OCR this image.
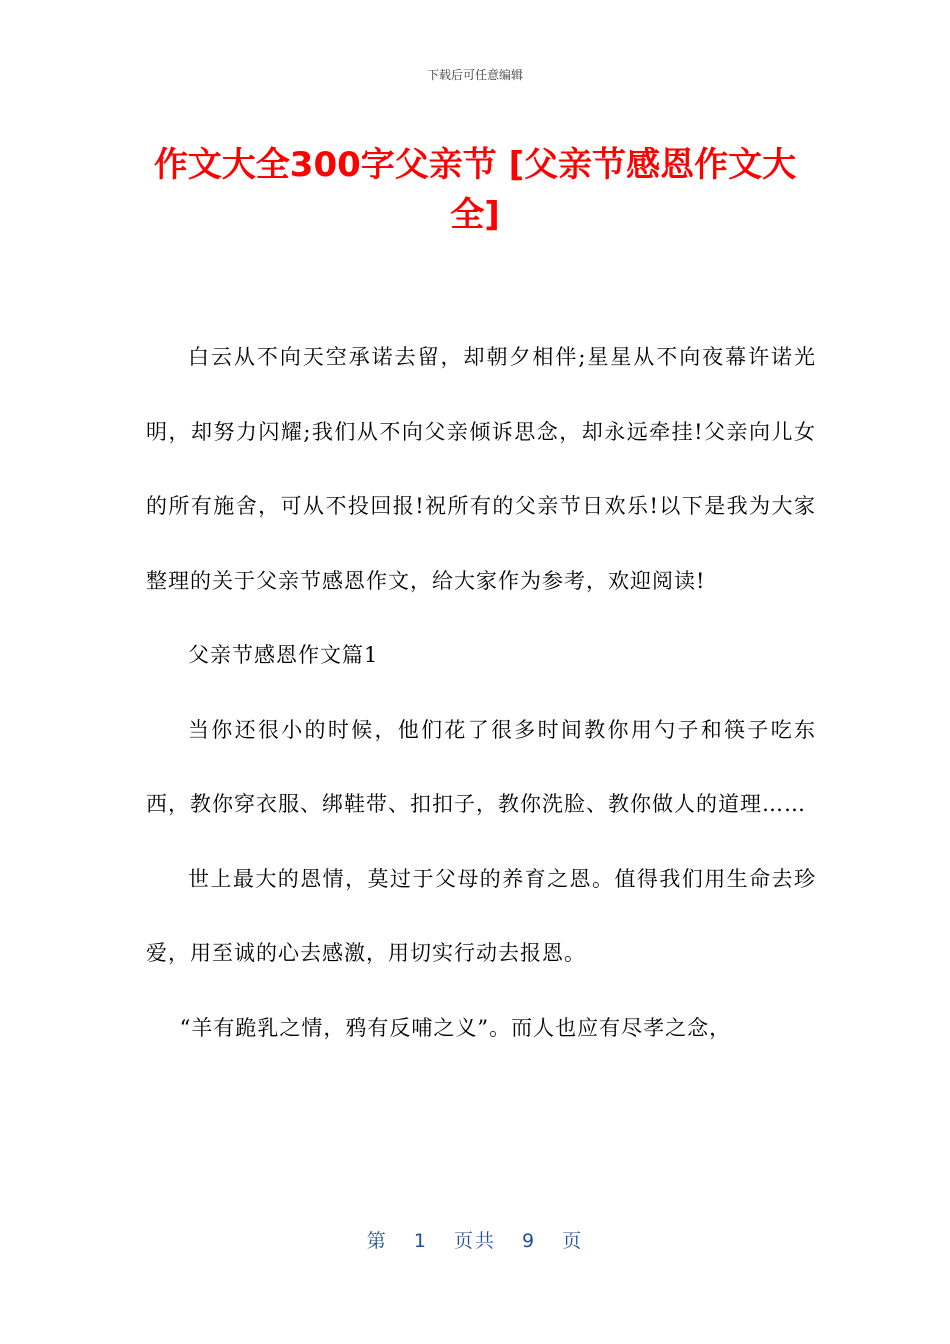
下载后可任意编辑
作文大全300字父亲节 [父亲节感恩作文大全]

白云从不向天空承诺去留，却朝夕相伴;星星从不向夜幕许诺光明，却努力闪耀;我们从不向父亲倾诉思念，却永远牵挂!父亲向儿女的所有施舍，可从不投回报!祝所有的父亲节日欢乐!以下是我为大家整理的关于父亲节感恩作文，给大家作为参考，欢迎阅读!

父亲节感恩作文篇1

当你还很小的时候，他们花了很多时间教你用勺子和筷子吃东西，教你穿衣服、绑鞋带、扣扣子，教你洗脸、教你做人的道理……

世上最大的恩情，莫过于父母的养育之恩。值得我们用生命去珍爱，用至诚的心去感激，用切实行动去报恩。

“羊有跪乳之情，鸦有反哺之义”。而人也应有尽孝之念，

第 1 页共 9 页
